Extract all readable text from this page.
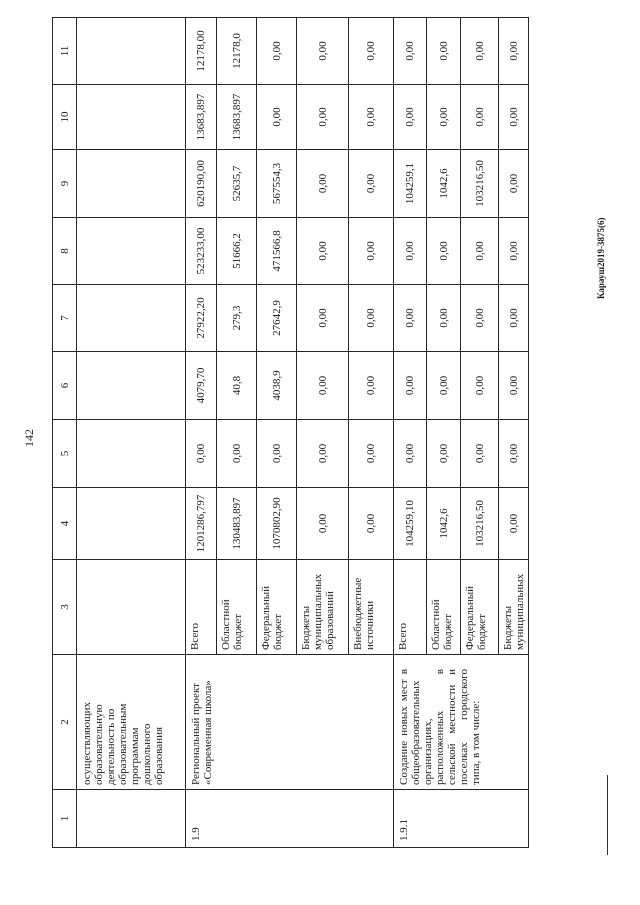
142
1	2	3	4	5	6	7	8	9	10	11
	осуществляющих образовательную деятельность по образовательным программам дошкольного образования									
1.9	Региональный проект «Современная школа»	Всего	1201286,797	0,00	4079,70	27922,20	523233,00	620190,00	13683,897	12178,00
		Областной бюджет	130483,897	0,00	40,8	279,3	51666,2	52635,7	13683,897	12178,0
		Федеральный бюджет	1070802,90	0,00	4038,9	27642,9	471566,8	567554,3	0,00	0,00
		Бюджеты муниципальных образований	0,00	0,00	0,00	0,00	0,00	0,00	0,00	0,00
		Внебюджетные источники	0,00	0,00	0,00	0,00	0,00	0,00	0,00	0,00
1.9.1	Создание новых мест в общеобразовательных организациях, расположенных в сельской местности и поселках городского типа, в том числе:	Всего	104259,10	0,00	0,00	0,00	0,00	104259,1	0,00	0,00
		Областной бюджет	1042,6	0,00	0,00	0,00	0,00	1042,6	0,00	0,00
		Федеральный бюджет	103216,50	0,00	0,00	0,00	0,00	103216,50	0,00	0,00
		Бюджеты муниципальных	0,00	0,00	0,00	0,00	0,00	0,00	0,00	0,00
Карауш2019-3875(6)
